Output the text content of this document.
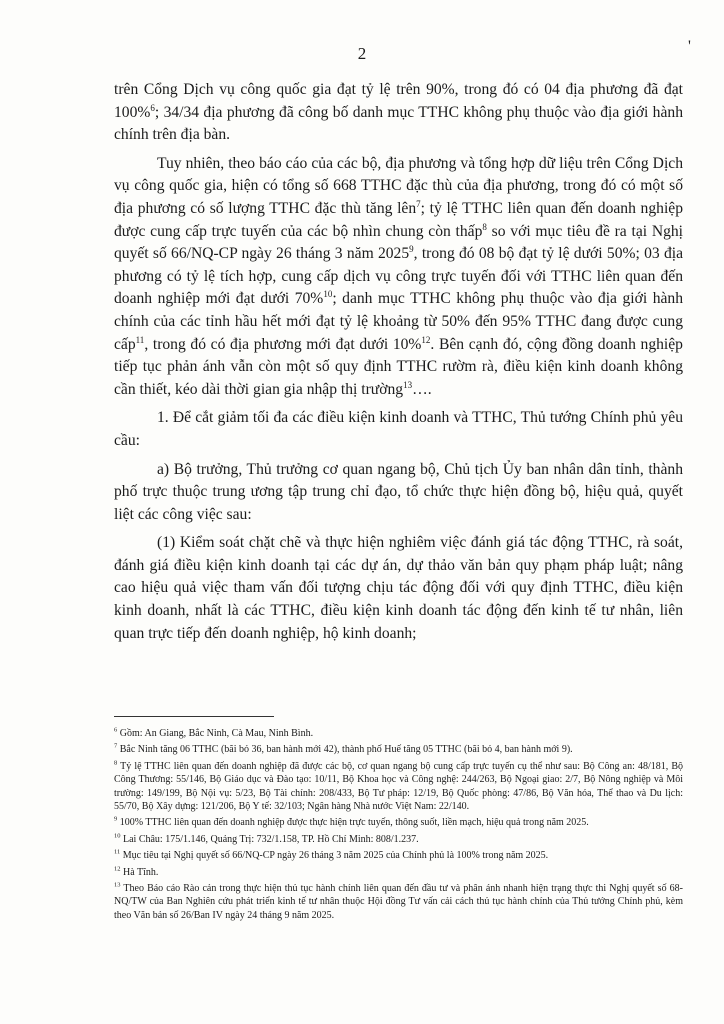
2	'

trên Cổng Dịch vụ công quốc gia đạt tỷ lệ trên 90%, trong đó có 04 địa phương đã đạt 100%$^6$; 34/34 địa phương đã công bố danh mục TTHC không phụ thuộc vào địa giới hành chính trên địa bàn.

Tuy nhiên, theo báo cáo của các bộ, địa phương và tổng hợp dữ liệu trên Cổng Dịch vụ công quốc gia, hiện có tổng số 668 TTHC đặc thù của địa phương, trong đó có một số địa phương có số lượng TTHC đặc thù tăng lên$^7$; tỷ lệ TTHC liên quan đến doanh nghiệp được cung cấp trực tuyến của các bộ nhìn chung còn thấp$^8$ so với mục tiêu đề ra tại Nghị quyết số 66/NQ-CP ngày 26 tháng 3 năm 2025$^9$, trong đó 08 bộ đạt tỷ lệ dưới 50%; 03 địa phương có tỷ lệ tích hợp, cung cấp dịch vụ công trực tuyến đối với TTHC liên quan đến doanh nghiệp mới đạt dưới 70%$^{10}$; danh mục TTHC không phụ thuộc vào địa giới hành chính của các tỉnh hầu hết mới đạt tỷ lệ khoảng từ 50% đến 95% TTHC đang được cung cấp$^{11}$, trong đó có địa phương mới đạt dưới 10%$^{12}$. Bên cạnh đó, cộng đồng doanh nghiệp tiếp tục phản ánh vẫn còn một số quy định TTHC rườm rà, điều kiện kinh doanh không cần thiết, kéo dài thời gian gia nhập thị trường$^{13}$….

1. Để cắt giảm tối đa các điều kiện kinh doanh và TTHC, Thủ tướng Chính phủ yêu cầu:

a) Bộ trưởng, Thủ trưởng cơ quan ngang bộ, Chủ tịch Ủy ban nhân dân tỉnh, thành phố trực thuộc trung ương tập trung chỉ đạo, tổ chức thực hiện đồng bộ, hiệu quả, quyết liệt các công việc sau:

(1) Kiểm soát chặt chẽ và thực hiện nghiêm việc đánh giá tác động TTHC, rà soát, đánh giá điều kiện kinh doanh tại các dự án, dự thảo văn bản quy phạm pháp luật; nâng cao hiệu quả việc tham vấn đối tượng chịu tác động đối với quy định TTHC, điều kiện kinh doanh, nhất là các TTHC, điều kiện kinh doanh tác động đến kinh tế tư nhân, liên quan trực tiếp đến doanh nghiệp, hộ kinh doanh;

$^6$ Gồm: An Giang, Bắc Ninh, Cà Mau, Ninh Bình.

$^7$ Bắc Ninh tăng 06 TTHC (bãi bỏ 36, ban hành mới 42), thành phố Huế tăng 05 TTHC (bãi bỏ 4, ban hành mới 9).

$^8$ Tỷ lệ TTHC liên quan đến doanh nghiệp đã được các bộ, cơ quan ngang bộ cung cấp trực tuyến cụ thể như sau: Bộ Công an: 48/181, Bộ Công Thương: 55/146, Bộ Giáo dục và Đào tạo: 10/11, Bộ Khoa học và Công nghệ: 244/263, Bộ Ngoại giao: 2/7, Bộ Nông nghiệp và Môi trường: 149/199, Bộ Nội vụ: 5/23, Bộ Tài chính: 208/433, Bộ Tư pháp: 12/19, Bộ Quốc phòng: 47/86, Bộ Văn hóa, Thể thao và Du lịch: 55/70, Bộ Xây dựng: 121/206, Bộ Y tế: 32/103; Ngân hàng Nhà nước Việt Nam: 22/140.

$^9$ 100% TTHC liên quan đến doanh nghiệp được thực hiện trực tuyến, thông suốt, liền mạch, hiệu quả trong năm 2025.

$^{10}$ Lai Châu: 175/1.146, Quảng Trị: 732/1.158, TP. Hồ Chí Minh: 808/1.237.

$^{11}$ Mục tiêu tại Nghị quyết số 66/NQ-CP ngày 26 tháng 3 năm 2025 của Chính phủ là 100% trong năm 2025.

$^{12}$ Hà Tĩnh.

$^{13}$ Theo Báo cáo Rào cản trong thực hiện thủ tục hành chính liên quan đến đầu tư và phân ánh nhanh hiện trạng thực thi Nghị quyết số 68-NQ/TW của Ban Nghiên cứu phát triển kinh tế tư nhân thuộc Hội đồng Tư vấn cải cách thủ tục hành chính của Thủ tướng Chính phủ, kèm theo Văn bản số 26/Ban IV ngày 24 tháng 9 năm 2025.
